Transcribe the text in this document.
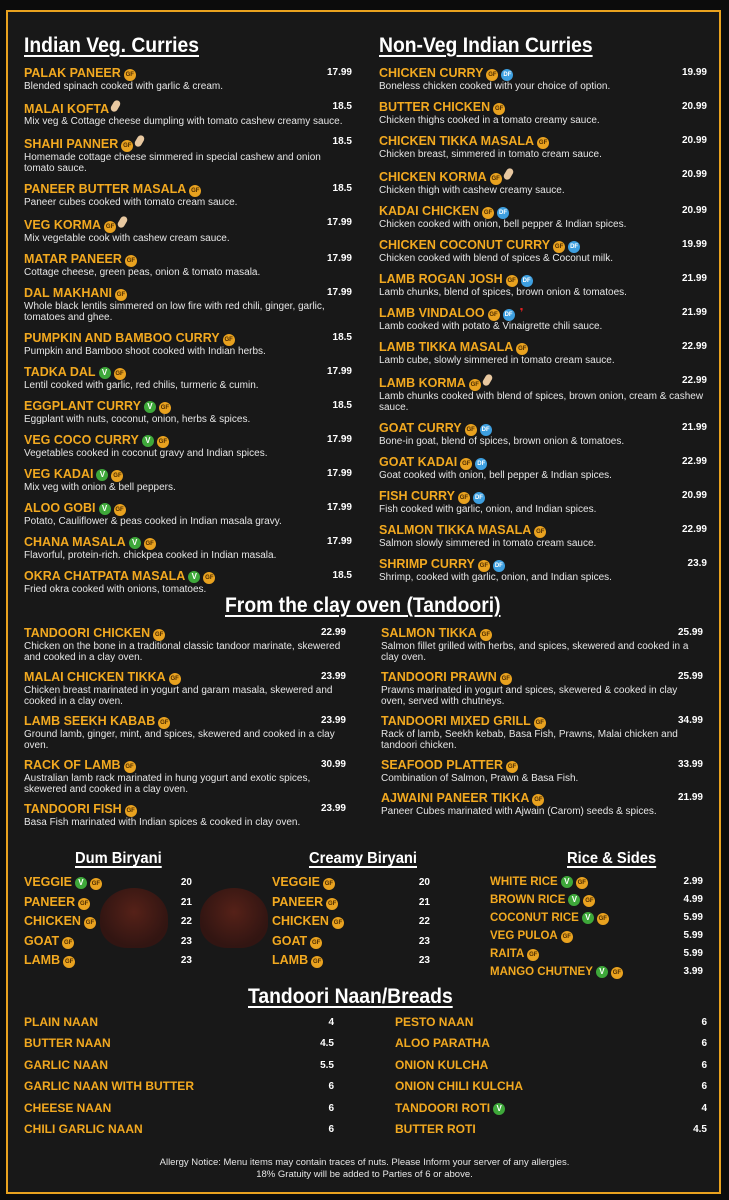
Indian Veg. Curries	Non-Veg Indian Curries
PALAK PANEER GF	17.99
Blended spinach cooked with garlic & cream.
MALAI KOFTA	18.5
Mix veg & Cottage cheese dumpling with tomato cashew creamy sauce.
SHAHI PANNER GF	18.5
Homemade cottage cheese simmered in special cashew and onion tomato sauce.
PANEER BUTTER MASALA GF	18.5
Paneer cubes cooked with tomato cream sauce.
VEG KORMA GF	17.99
Mix vegetable cook with cashew cream sauce.
MATAR PANEER GF	17.99
Cottage cheese, green peas, onion & tomato masala.
DAL MAKHANI GF	17.99
Whole black lentils simmered on low fire with red chili, ginger, garlic, tomatoes and ghee.
PUMPKIN AND BAMBOO CURRY GF	18.5
Pumpkin and Bamboo shoot cooked with Indian herbs.
TADKA DAL V GF	17.99
Lentil cooked with garlic, red chilis, turmeric & cumin.
EGGPLANT CURRY V GF	18.5
Eggplant with nuts, coconut, onion, herbs & spices.
VEG COCO CURRY V GF	17.99
Vegetables cooked in coconut gravy and Indian spices.
VEG KADAI V GF	17.99
Mix veg with onion & bell peppers.
ALOO GOBI V GF	17.99
Potato, Cauliflower & peas cooked in Indian masala gravy.
CHANA MASALA V GF	17.99
Flavorful, protein-rich. chickpea cooked in Indian masala.
OKRA CHATPATA MASALA V GF	18.5
Fried okra cooked with onions, tomatoes.
CHICKEN CURRY GF DF	19.99
Boneless chicken cooked with your choice of option.
BUTTER CHICKEN GF	20.99
Chicken thighs cooked in a tomato creamy sauce.
CHICKEN TIKKA MASALA GF	20.99
Chicken breast, simmered in tomato cream sauce.
CHICKEN KORMA GF	20.99
Chicken thigh with cashew creamy sauce.
KADAI CHICKEN GF DF	20.99
Chicken cooked with onion, bell pepper & Indian spices.
CHICKEN COCONUT CURRY GF DF	19.99
Chicken cooked with blend of spices & Coconut milk.
LAMB ROGAN JOSH GF DF	21.99
Lamb chunks, blend of spices, brown onion & tomatoes.
LAMB VINDALOO GF DF ❜	21.99
Lamb cooked with potato & Vinaigrette chili sauce.
LAMB TIKKA MASALA GF	22.99
Lamb cube, slowly simmered in tomato cream sauce.
LAMB KORMA GF	22.99
Lamb chunks cooked with blend of spices, brown onion, cream & cashew sauce.
GOAT CURRY GF DF	21.99
Bone-in goat, blend of spices, brown onion & tomatoes.
GOAT KADAI GF DF	22.99
Goat cooked with onion, bell pepper & Indian spices.
FISH CURRY GF DF	20.99
Fish cooked with garlic, onion, and Indian spices.
SALMON TIKKA MASALA GF	22.99
Salmon slowly simmered in tomato cream sauce.
SHRIMP CURRY GF DF	23.9
Shrimp, cooked with garlic, onion, and Indian spices.
From the clay oven (Tandoori)
TANDOORI CHICKEN GF	22.99
Chicken on the bone in a traditional classic tandoor marinate, skewered and cooked in a clay oven.
MALAI CHICKEN TIKKA GF	23.99
Chicken breast marinated in yogurt and garam masala, skewered and cooked in a clay oven.
LAMB SEEKH KABAB GF	23.99
Ground lamb, ginger, mint, and spices, skewered and cooked in a clay oven.
RACK OF LAMB GF	30.99
Australian lamb rack marinated in hung yogurt and exotic spices, skewered and cooked in a clay oven.
TANDOORI FISH GF	23.99
Basa Fish marinated with Indian spices & cooked in clay oven.
SALMON TIKKA GF	25.99
Salmon fillet grilled with herbs, and spices, skewered and cooked in a clay oven.
TANDOORI PRAWN GF	25.99
Prawns marinated in yogurt and spices, skewered & cooked in clay oven, served with chutneys.
TANDOORI MIXED GRILL GF	34.99
Rack of lamb, Seekh kebab, Basa Fish, Prawns, Malai chicken and tandoori chicken.
SEAFOOD PLATTER GF	33.99
Combination of Salmon, Prawn & Basa Fish.
AJWAINI PANEER TIKKA GF	21.99
Paneer Cubes marinated with Ajwain (Carom) seeds & spices.
Dum Biryani	Creamy Biryani	Rice & Sides
VEGGIE V GF	20
PANEER GF	21
CHICKEN GF	22
GOAT GF	23
LAMB GF	23
VEGGIE GF	20
PANEER GF	21
CHICKEN GF	22
GOAT GF	23
LAMB GF	23
WHITE RICE V GF	2.99
BROWN RICE V GF	4.99
COCONUT RICE V GF	5.99
VEG PULOA GF	5.99
RAITA GF	5.99
MANGO CHUTNEY V GF	3.99
Tandoori Naan/Breads
PLAIN NAAN	4
BUTTER NAAN	4.5
GARLIC NAAN	5.5
GARLIC NAAN WITH BUTTER	6
CHEESE NAAN	6
CHILI GARLIC NAAN	6
PESTO NAAN	6
ALOO PARATHA	6
ONION KULCHA	6
ONION CHILI KULCHA	6
TANDOORI ROTI V	4
BUTTER ROTI	4.5
Allergy Notice: Menu items may contain traces of nuts. Please Inform your server of any allergies.
18% Gratuity will be added to Parties of 6 or above.
